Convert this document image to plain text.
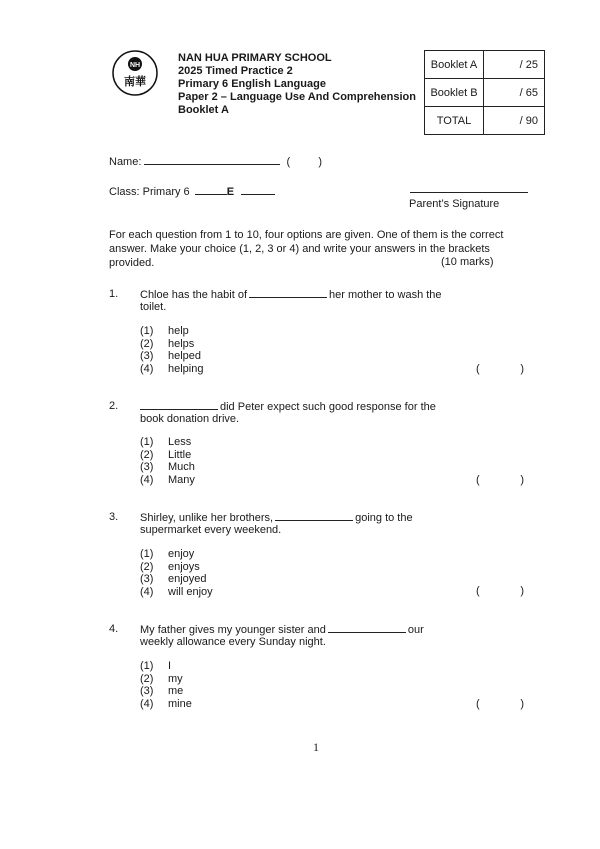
NH
南華
NAN HUA PRIMARY SCHOOL
2025 Timed Practice 2
Primary 6 English Language
Paper 2 – Language Use And Comprehension
Booklet A
Booklet A	/ 25
Booklet B	/ 65
TOTAL	/ 90
Name:	(	)
Class: Primary 6	E
Parent’s Signature
For each question from 1 to 10, four options are given. One of them is the correct answer. Make your choice (1, 2, 3 or 4) and write your answers in the brackets provided.	(10 marks)
1. Chloe has the habit of	her mother to wash the toilet.
(1) help
(2) helps
(3) helped
(4) helping	(	)
2.	did Peter expect such good response for the book donation drive.
(1) Less
(2) Little
(3) Much
(4) Many	(	)
3. Shirley, unlike her brothers,	going to the supermarket every weekend.
(1) enjoy
(2) enjoys
(3) enjoyed
(4) will enjoy	(	)
4. My father gives my younger sister and	our weekly allowance every Sunday night.
(1) I
(2) my
(3) me
(4) mine	(	)
1
